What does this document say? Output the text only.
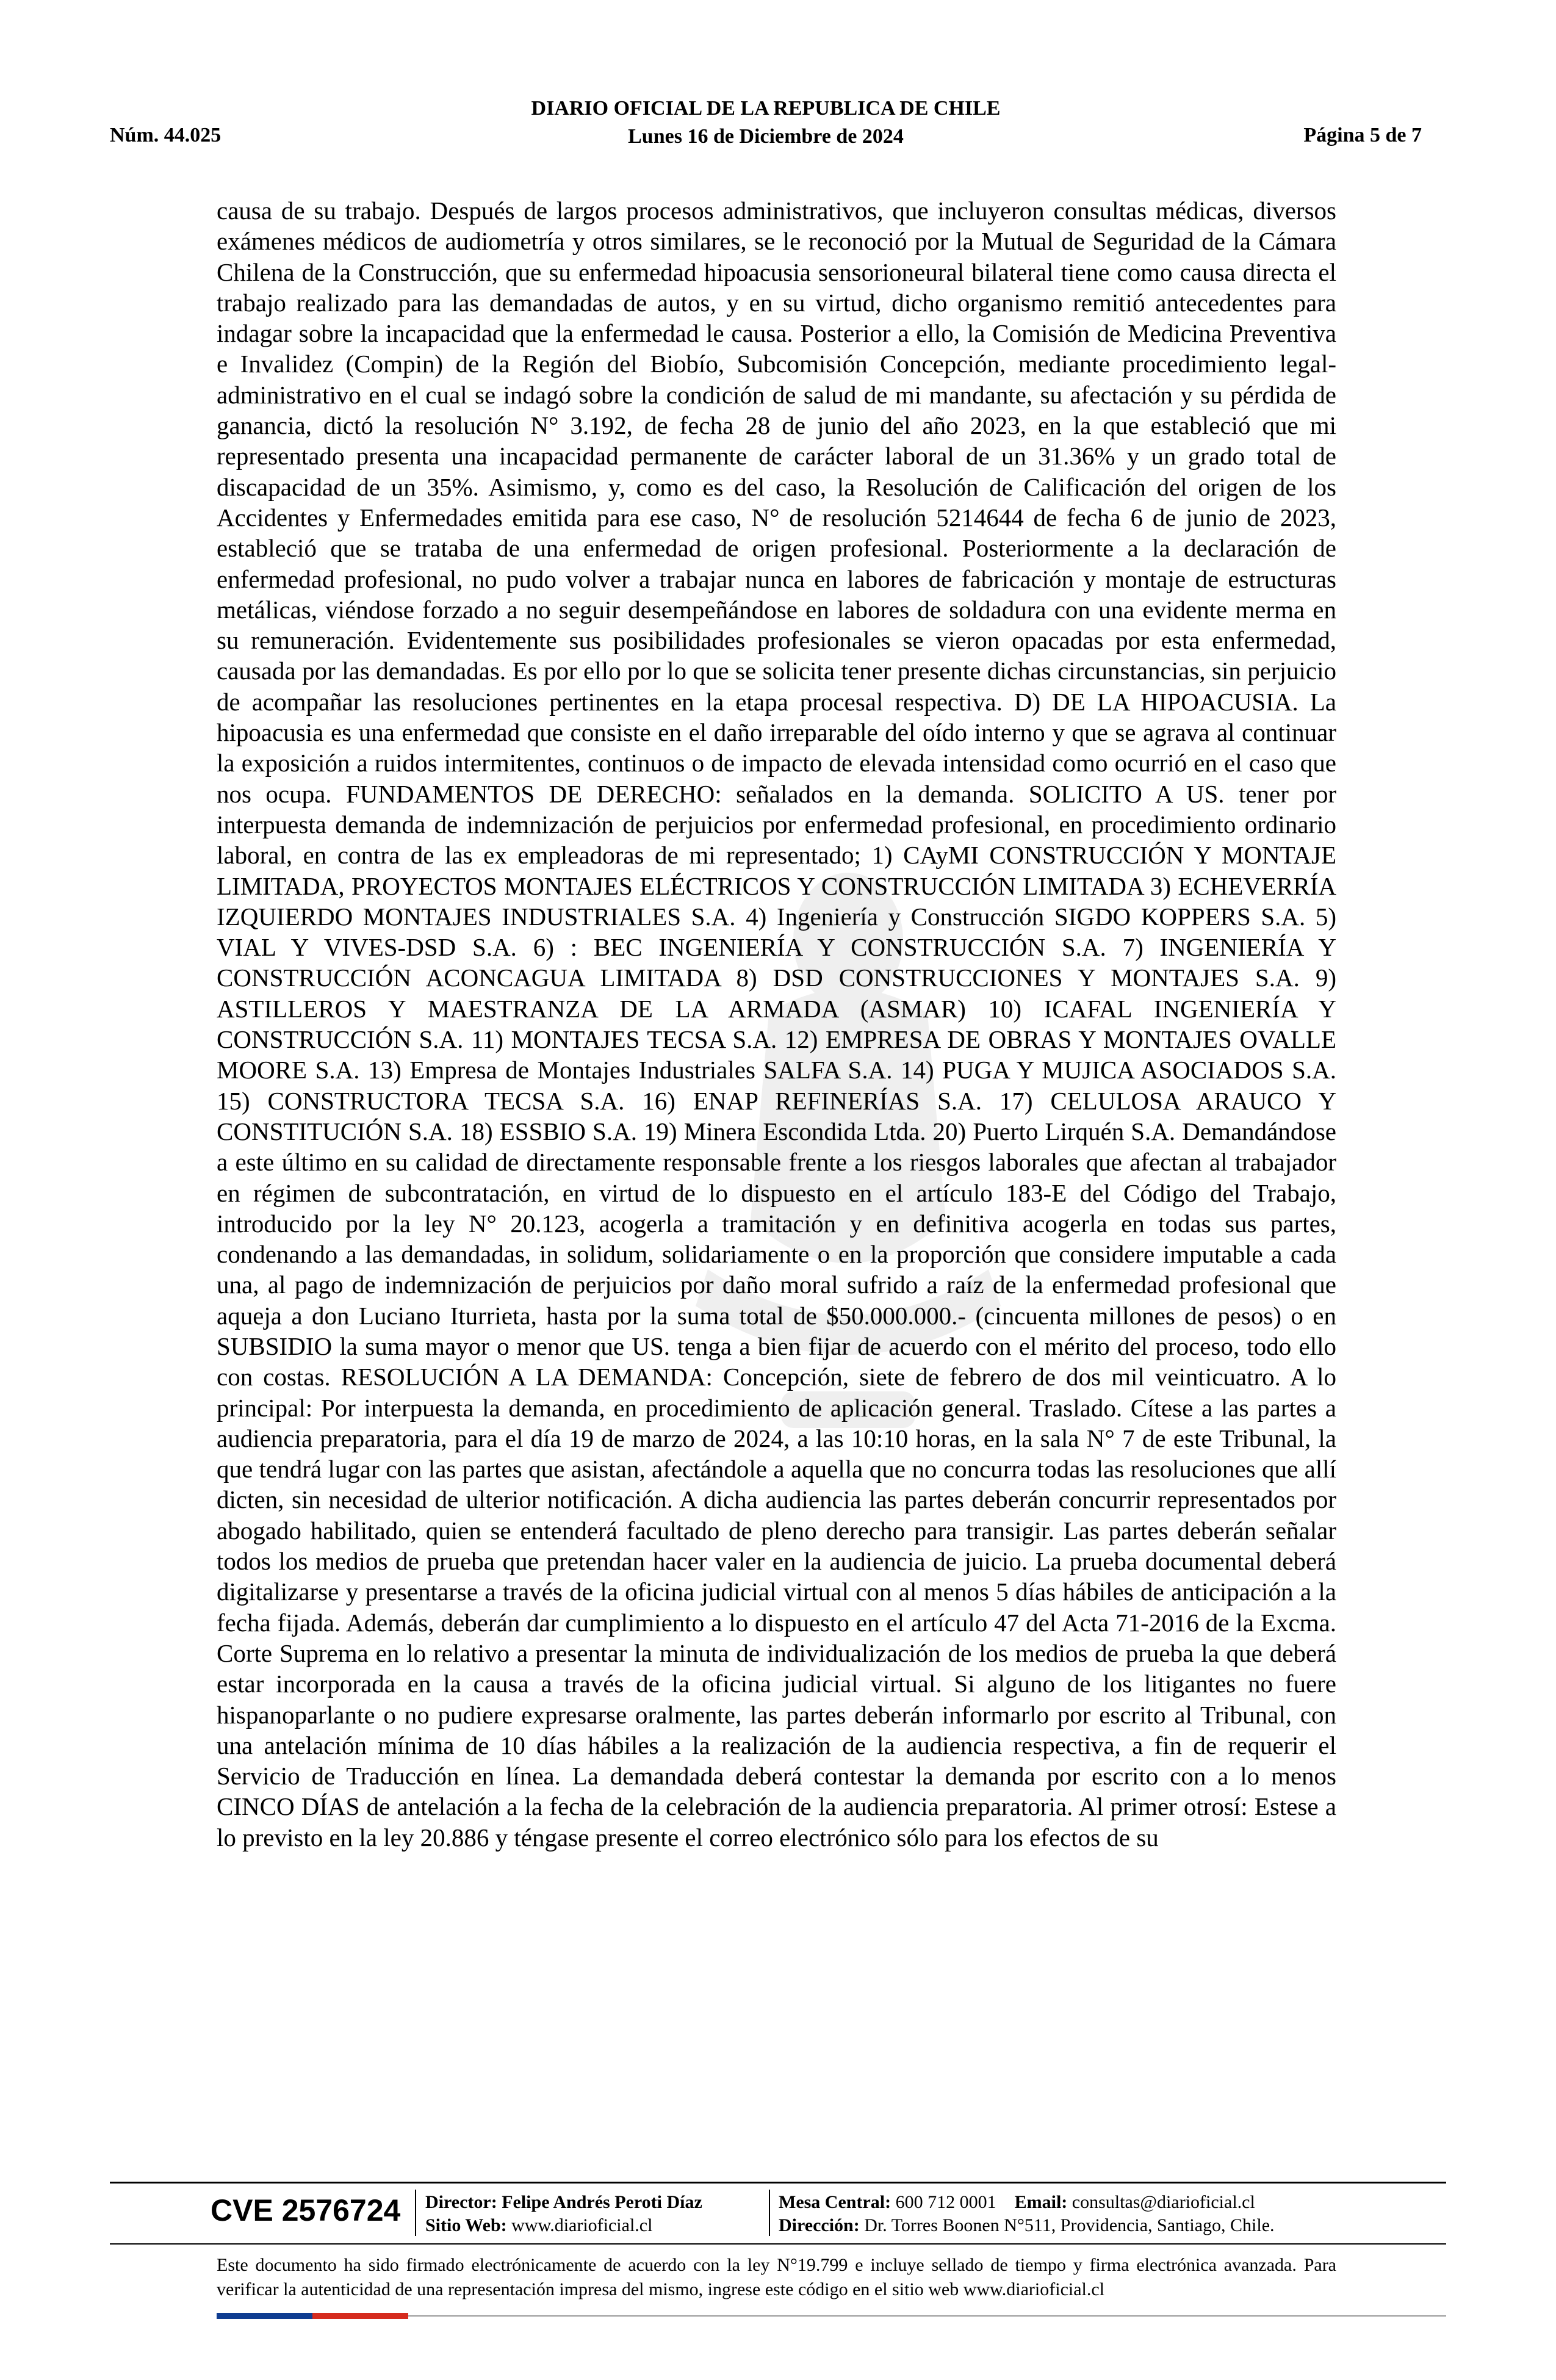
Núm. 44.025
DIARIO OFICIAL DE LA REPUBLICA DE CHILE
Lunes 16 de Diciembre de 2024	Página 5 de 7
causa de su trabajo. Después de largos procesos administrativos, que incluyeron consultas médicas, diversos exámenes médicos de audiometría y otros similares, se le reconoció por la Mutual de Seguridad de la Cámara Chilena de la Construcción, que su enfermedad hipoacusia sensorioneural bilateral tiene como causa directa el trabajo realizado para las demandadas de autos, y en su virtud, dicho organismo remitió antecedentes para indagar sobre la incapacidad que la enfermedad le causa. Posterior a ello, la Comisión de Medicina Preventiva e Invalidez (Compin) de la Región del Biobío, Subcomisión Concepción, mediante procedimiento legal-administrativo en el cual se indagó sobre la condición de salud de mi mandante, su afectación y su pérdida de ganancia, dictó la resolución N° 3.192, de fecha 28 de junio del año 2023, en la que estableció que mi representado presenta una incapacidad permanente de carácter laboral de un 31.36% y un grado total de discapacidad de un 35%. Asimismo, y, como es del caso, la Resolución de Calificación del origen de los Accidentes y Enfermedades emitida para ese caso, N° de resolución 5214644 de fecha 6 de junio de 2023, estableció que se trataba de una enfermedad de origen profesional. Posteriormente a la declaración de enfermedad profesional, no pudo volver a trabajar nunca en labores de fabricación y montaje de estructuras metálicas, viéndose forzado a no seguir desempeñándose en labores de soldadura con una evidente merma en su remuneración. Evidentemente sus posibilidades profesionales se vieron opacadas por esta enfermedad, causada por las demandadas. Es por ello por lo que se solicita tener presente dichas circunstancias, sin perjuicio de acompañar las resoluciones pertinentes en la etapa procesal respectiva. D) DE LA HIPOACUSIA. La hipoacusia es una enfermedad que consiste en el daño irreparable del oído interno y que se agrava al continuar la exposición a ruidos intermitentes, continuos o de impacto de elevada intensidad como ocurrió en el caso que nos ocupa. FUNDAMENTOS DE DERECHO: señalados en la demanda. SOLICITO A US. tener por interpuesta demanda de indemnización de perjuicios por enfermedad profesional, en procedimiento ordinario laboral, en contra de las ex empleadoras de mi representado; 1) CAyMI CONSTRUCCIÓN Y MONTAJE LIMITADA, PROYECTOS MONTAJES ELÉCTRICOS Y CONSTRUCCIÓN LIMITADA 3) ECHEVERRÍA IZQUIERDO MONTAJES INDUSTRIALES S.A. 4) Ingeniería y Construcción SIGDO KOPPERS S.A. 5) VIAL Y VIVES-DSD S.A. 6) : BEC INGENIERÍA Y CONSTRUCCIÓN S.A. 7) INGENIERÍA Y CONSTRUCCIÓN ACONCAGUA LIMITADA 8) DSD CONSTRUCCIONES Y MONTAJES S.A. 9) ASTILLEROS Y MAESTRANZA DE LA ARMADA (ASMAR) 10) ICAFAL INGENIERÍA Y CONSTRUCCIÓN S.A. 11) MONTAJES TECSA S.A. 12) EMPRESA DE OBRAS Y MONTAJES OVALLE MOORE S.A. 13) Empresa de Montajes Industriales SALFA S.A. 14) PUGA Y MUJICA ASOCIADOS S.A. 15) CONSTRUCTORA TECSA S.A. 16) ENAP REFINERÍAS S.A. 17) CELULOSA ARAUCO Y CONSTITUCIÓN S.A. 18) ESSBIO S.A. 19) Minera Escondida Ltda. 20) Puerto Lirquén S.A. Demandándose a este último en su calidad de directamente responsable frente a los riesgos laborales que afectan al trabajador en régimen de subcontratación, en virtud de lo dispuesto en el artículo 183-E del Código del Trabajo, introducido por la ley N° 20.123, acogerla a tramitación y en definitiva acogerla en todas sus partes, condenando a las demandadas, in solidum, solidariamente o en la proporción que considere imputable a cada una, al pago de indemnización de perjuicios por daño moral sufrido a raíz de la enfermedad profesional que aqueja a don Luciano Iturrieta, hasta por la suma total de $50.000.000.- (cincuenta millones de pesos) o en SUBSIDIO la suma mayor o menor que US. tenga a bien fijar de acuerdo con el mérito del proceso, todo ello con costas. RESOLUCIÓN A LA DEMANDA: Concepción, siete de febrero de dos mil veinticuatro. A lo principal: Por interpuesta la demanda, en procedimiento de aplicación general. Traslado. Cítese a las partes a audiencia preparatoria, para el día 19 de marzo de 2024, a las 10:10 horas, en la sala N° 7 de este Tribunal, la que tendrá lugar con las partes que asistan, afectándole a aquella que no concurra todas las resoluciones que allí dicten, sin necesidad de ulterior notificación. A dicha audiencia las partes deberán concurrir representados por abogado habilitado, quien se entenderá facultado de pleno derecho para transigir. Las partes deberán señalar todos los medios de prueba que pretendan hacer valer en la audiencia de juicio. La prueba documental deberá digitalizarse y presentarse a través de la oficina judicial virtual con al menos 5 días hábiles de anticipación a la fecha fijada. Además, deberán dar cumplimiento a lo dispuesto en el artículo 47 del Acta 71-2016 de la Excma. Corte Suprema en lo relativo a presentar la minuta de individualización de los medios de prueba la que deberá estar incorporada en la causa a través de la oficina judicial virtual. Si alguno de los litigantes no fuere hispanoparlante o no pudiere expresarse oralmente, las partes deberán informarlo por escrito al Tribunal, con una antelación mínima de 10 días hábiles a la realización de la audiencia respectiva, a fin de requerir el Servicio de Traducción en línea. La demandada deberá contestar la demanda por escrito con a lo menos CINCO DÍAS de antelación a la fecha de la celebración de la audiencia preparatoria. Al primer otrosí: Estese a lo previsto en la ley 20.886 y téngase presente el correo electrónico sólo para los efectos de su
CVE 2576724 Director: Felipe Andrés Peroti Díaz
Sitio Web: www.diarioficial.cl
Mesa Central: 600 712 0001 Email: consultas@diarioficial.cl
Dirección: Dr. Torres Boonen N°511, Providencia, Santiago, Chile.
Este documento ha sido firmado electrónicamente de acuerdo con la ley N°19.799 e incluye sellado de tiempo y firma electrónica avanzada. Para verificar la autenticidad de una representación impresa del mismo, ingrese este código en el sitio web www.diarioficial.cl
